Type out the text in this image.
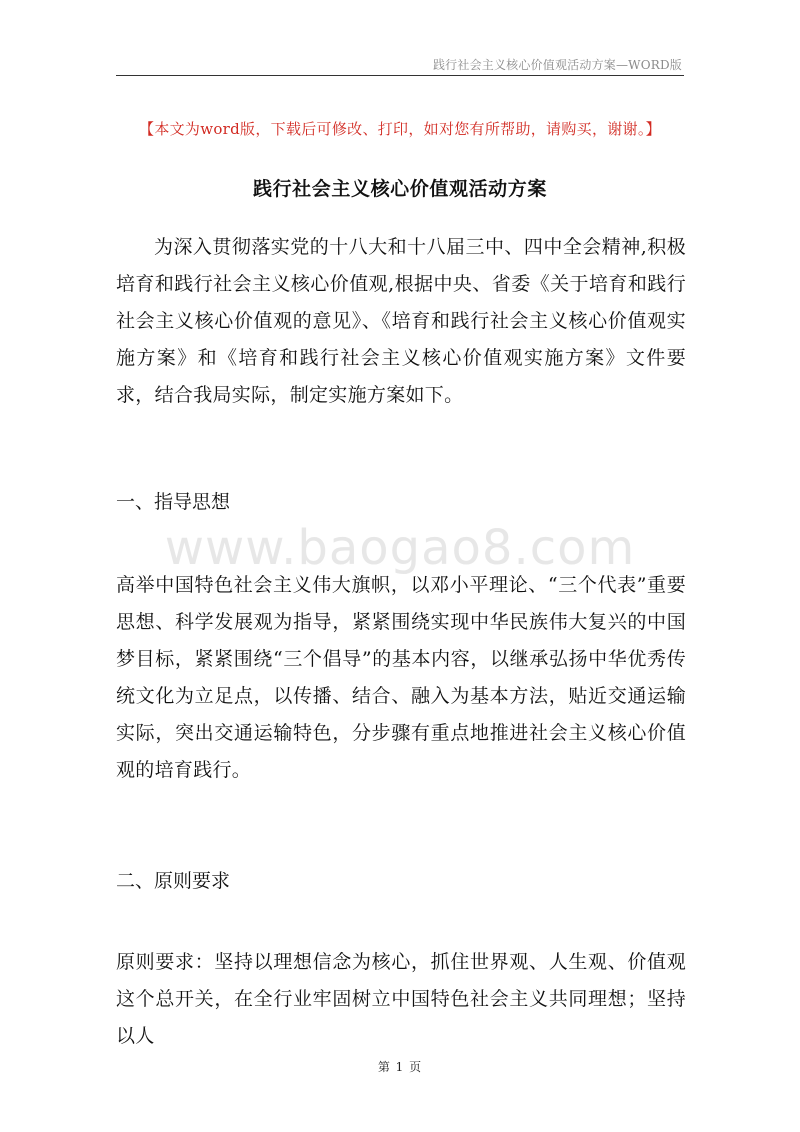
践行社会主义核心价值观活动方案—WORD版
【本文为word版，下载后可修改、打印，如对您有所帮助，请购买，谢谢。】
践行社会主义核心价值观活动方案
为深入贯彻落实党的十八大和十八届三中、四中全会精神,积极培育和践行社会主义核心价值观,根据中央、省委《关于培育和践行社会主义核心价值观的意见》、《培育和践行社会主义核心价值观实施方案》和《培育和践行社会主义核心价值观实施方案》文件要求，结合我局实际，制定实施方案如下。
一、指导思想
www.baogao8.com
高举中国特色社会主义伟大旗帜，以邓小平理论、“三个代表”重要思想、科学发展观为指导，紧紧围绕实现中华民族伟大复兴的中国梦目标，紧紧围绕“三个倡导”的基本内容，以继承弘扬中华优秀传统文化为立足点，以传播、结合、融入为基本方法，贴近交通运输实际，突出交通运输特色，分步骤有重点地推进社会主义核心价值观的培育践行。
二、原则要求
原则要求：坚持以理想信念为核心，抓住世界观、人生观、价值观这个总开关，在全行业牢固树立中国特色社会主义共同理想；坚持以人
第 1 页
